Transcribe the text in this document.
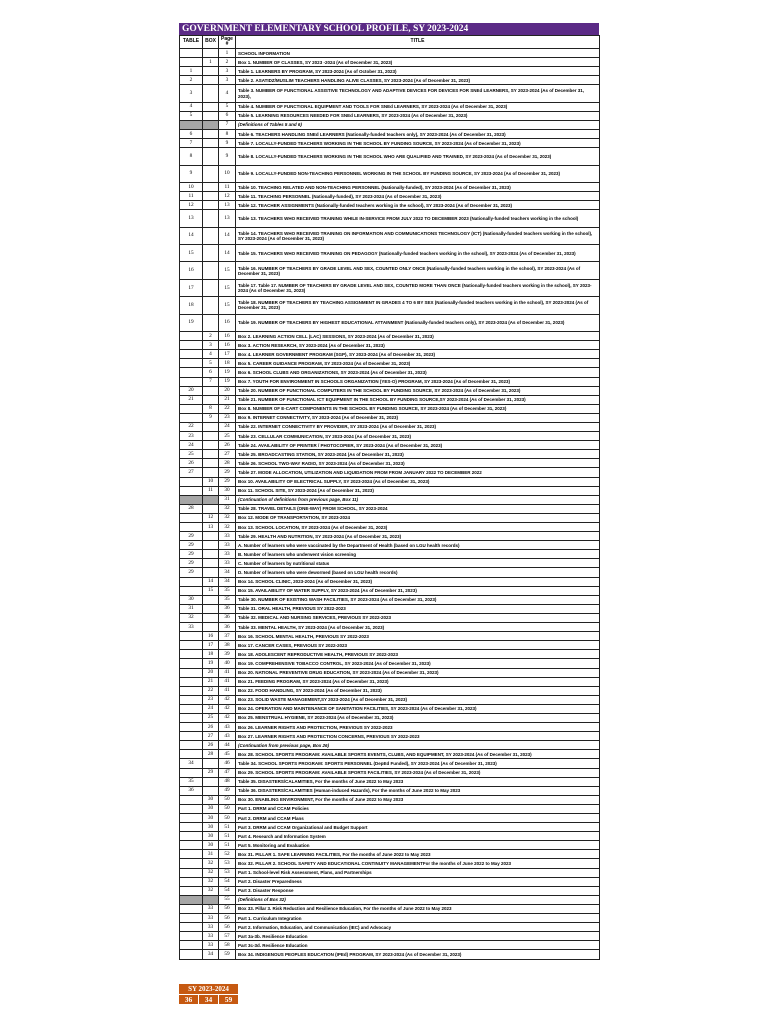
GOVERNMENT ELEMENTARY SCHOOL PROFILE, SY 2023-2024
TABLE	BOX	Page #	TITLE
		1	SCHOOL INFORMATION
	1	2	Box 1. NUMBER OF CLASSES, SY 2023 -2024 (As of December 31, 2023)
1		3	Table 1. LEARNERS BY PROGRAM, SY 2023-2024 (As of October 31, 2023)
2		3	Table 2. ASATIDZ/MUSLIM TEACHERS HANDLING ALIVE CLASSES, SY 2023-2024 (As of December 31, 2023)
3		4	Table 3. NUMBER OF FUNCTIONAL ASSISTIVE TECHNOLOGY AND ADAPTIVE DEVICES FOR DEVICES FOR SNEd LEARNERS, SY 2023-2024 (As of December 31, 2023),
4		5	Table 4. NUMBER OF FUNCTIONAL EQUIPMENT AND TOOLS FOR SNEd LEARNERS, SY 2023-2024 (As of December 31, 2023)
5		6	Table 5. LEARNING RESOURCES NEEDED FOR SNEd LEARNERS, SY 2023-2024 (As of December 31, 2023)
		7	(Definitions of Tables 5 and 6)
6		8	Table 6. TEACHERS HANDLING SNEd LEARNERS (Nationally-funded teachers only), SY 2023-2024 (As of December 31, 2023)
7		9	Table 7. LOCALLY-FUNDED TEACHERS WORKING IN THE SCHOOL BY FUNDING SOURCE, SY 2023-2024 (As of December 31, 2023)
8		9	Table 8. LOCALLY-FUNDED TEACHERS WORKING IN THE SCHOOL WHO ARE QUALIFIED AND TRAINED, SY 2023-2024 (As of December 31, 2023)
9		10	Table 9. LOCALLY-FUNDED NON-TEACHING PERSONNEL WORKING IN THE SCHOOL BY FUNDING SOURCE, SY 2023-2024 (As of December 31, 2023)
10		11	Table 10. TEACHING RELATED AND NON-TEACHING PERSONNEL (Nationally-funded), SY 2023-2024 (As of December 31, 2023)
11		12	Table 11. TEACHING PERSONNEL (Nationally-funded), SY 2023-2024 (As of December 31, 2023)
12		13	Table 12. TEACHER ASSIGNMENTS (Nationally-funded teachers working in the school), SY 2023-2024 (As of December 31, 2023)
13		13	Table 13. TEACHERS WHO RECEIVED TRAINING WHILE IN-SERVICE FROM JULY 2022 TO DECEMBER 2023 (Nationally-funded teachers working in the school)
14		14	Table 14. TEACHERS WHO RECEIVED TRAINING ON INFORMATION AND COMMUNICATIONS TECHNOLOGY (ICT) (Nationally-funded teachers working in the school), SY 2023-2024 (As of December 31, 2023)
15		14	Table 15. TEACHERS WHO RECEIVED TRAINING ON PEDAGOGY (Nationally-funded teachers working in the school), SY 2023-2024 (As of December 31, 2023)
16		15	Table 16. NUMBER OF TEACHERS BY GRADE LEVEL AND SEX, COUNTED ONLY ONCE (Nationally-funded teachers working in the school), SY 2023-2024 (As of December 31, 2023)
17		15	Table 17. Table 17. NUMBER OF TEACHERS BY GRADE LEVEL AND SEX, COUNTED MORE THAN ONCE (Nationally-funded teachers working in the school), SY 2023-2024 (As of December 31, 2023)
18		15	Table 18. NUMBER OF TEACHERS BY TEACHING ASSIGNMENT IN GRADES 4 TO 6 BY SEX (Nationally-funded teachers working in the school), SY 2023-2024 (As of December 31, 2023)
19		16	Table 19. NUMBER OF TEACHERS BY HIGHEST EDUCATIONAL ATTAINMENT (Nationally-funded teachers only), SY 2023-2024 (As of December 31, 2023)
	2	16	Box 2. LEARNING ACTION CELL (LAC) SESSIONS, SY 2023-2024 (As of December 31, 2023)
	3	16	Box 3. ACTION RESEARCH, SY 2023-2024 (As of December 31, 2023)
	4	17	Box 4. LEARNER GOVERNMENT PROGRAM (SGP), SY 2023-2024 (As of December 31, 2023)
	5	18	Box 5. CAREER GUIDANCE PROGRAM, SY 2023-2024 (As of December 31, 2023)
	6	19	Box 6. SCHOOL CLUBS AND ORGANIZATIONS, SY 2023-2024 (As of December 31, 2023)
	7	19	Box 7. YOUTH FOR ENVIRONMENT IN SCHOOLS ORGANIZATION (YES-O) PROGRAM, SY 2023-2024 (As of December 31, 2023)
20		20	Table 20. NUMBER OF FUNCTIONAL COMPUTERS IN THE SCHOOL BY FUNDING SOURCE, SY 2023-2024 (As of December 31, 2023)
21		21	Table 21. NUMBER OF FUNCTIONAL ICT EQUIPMENT IN THE SCHOOL BY FUNDING SOURCE,SY 2023-2024 (As of December 31, 2023)
	8	22	Box 8. NUMBER OF E-CART COMPONENTS IN THE SCHOOL BY FUNDING SOURCE, SY 2023-2024 (As of December 31, 2023)
	9	23	Box 9. INTERNET CONNECTIVITY, SY 2023-2024 (As of December 31, 2023)
22		24	Table 22. INTERNET CONNECTIVITY BY PROVIDER, SY 2023-2024 (As of December 31, 2023)
23		25	Table 23. CELLULAR COMMUNICATION, SY 2023-2024 (As of December 31, 2023)
24		26	Table 24. AVAILABILITY OF PRINTER / PHOTOCOPIER, SY 2023-2024 (As of December 31, 2023)
25		27	Table 25. BROADCASTING STATION, SY 2023-2024 (As of December 31, 2023)
26		28	Table 26. SCHOOL TWO-WAY RADIO, SY 2023-2024 (As of December 31, 2023)
27		29	Table 27. MODE ALLOCATION, UTILIZATION AND LIQUIDATION FROM FROM JANUARY 2022 TO DECEMBER 2022
	10	29	Box 10. AVAILABILITY OF ELECTRICAL SUPPLY, SY 2023-2024 (As of December 31, 2023)
	11	30	Box 11. SCHOOL SITE, SY 2023-2024 (As of December 31, 2023)
		31	(Continuation of definitions from previous page, Box 11)
28		32	Table 28. TRAVEL DETAILS (ONE-WAY) FROM SCHOOL, SY 2023-2024
	12	32	Box 12. MODE OF TRANSPORTATION, SY 2023-2024
	13	32	Box 13. SCHOOL LOCATION, SY 2023-2024 (As of December 31, 2023)
29		33	Table 29. HEALTH AND NUTRITION, SY 2023-2024 (As of December 31, 2023)
29		33	A. Number of learners who were vaccinated by the Department of Health (based on LGU health records)
29		33	B. Number of learners who underwent vision screening
29		33	C. Number of learners by nutritional status
29		34	D. Number of learners who were dewormed (based on LGU health records)
	14	34	Box 14. SCHOOL CLINIC, 2023-2024 (As of December 31, 2023)
	15	35	Box 15. AVAILABILITY OF WATER SUPPLY, SY 2023-2024 (As of December 31, 2023)
30		35	Table 30. NUMBER OF EXISTING WASH FACILITIES, SY 2023-2024 (As of December 31, 2023)
31		36	Table 31. ORAL HEALTH, PREVIOUS SY 2022-2023
32		36	Table 32. MEDICAL AND NURSING SERVICES, PREVIOUS SY 2022-2023
33		36	Table 33. MENTAL HEALTH, SY 2023-2024 (As of December 31, 2023)
	16	37	Box 16. SCHOOL MENTAL HEALTH, PREVIOUS SY 2022-2023
	17	38	Box 17. CANCER CASES, PREVIOUS SY 2022-2023
	18	39	Box 18. ADOLESCENT REPRODUCTIVE HEALTH, PREVIOUS SY 2022-2023
	19	40	Box 19. COMPREHENSIVE TOBACCO CONTROL, SY 2023-2024 (As of December 31, 2023)
	20	41	Box 20. NATIONAL PREVENTIVE DRUG EDUCATION, SY 2023-2024 (As of December 31, 2023)
	21	41	Box 21. FEEDING PROGRAM, SY 2023-2024 (As of December 31, 2023)
	22	41	Box 22. FOOD HANDLING, SY 2023-2024 (As of December 31, 2023)
	23	42	Box 23. SOLID WASTE MANAGEMENT,SY 2023-2024 (As of December 31, 2023)
	24	42	Box 24. OPERATION AND MAINTENANCE OF SANITATION FACILITIES, SY 2023-2024 (As of December 31, 2023)
	25	42	Box 25. MENSTRUAL HYGIENE, SY 2023-2024 (As of December 31, 2023)
	26	43	Box 26. LEARNER RIGHTS AND PROTECTION, PREVIOUS SY 2022-2023
	27	43	Box 27. LEARNER RIGHTS AND PROTECTION CONCERNS, PREVIOUS SY 2022-2023
	26	44	(Continuation from previous page, Box 26)
	28	45	Box 28. SCHOOL SPORTS PROGRAM: AVAILABLE SPORTS EVENTS, CLUBS, AND EQUIPMENT, SY 2023-2024 (As of December 31, 2023)
34		46	Table 34. SCHOOL SPORTS PROGRAM: SPORTS PERSONNEL (DepEd Funded), SY 2023-2024 (As of December 31, 2023)
	29	47	Box 29. SCHOOL SPORTS PROGRAM: AVAILABLE SPORTS FACILITIES, SY 2023-2024 (As of December 31, 2023)
35		48	Table 35. DISASTERS/CALAMITIES, For the months of June 2022 to May 2023
36		49	Table 36. DISASTERS/CALAMITIES (Human-induced Hazards), For the months of June 2022 to May 2023
	30	50	Box 30. ENABLING ENVIRONMENT, For the months of June 2022 to May 2023
	30	50	Part 1. DRRM and CCAM Policies
	30	50	Part 2. DRRM and CCAM Plans
	30	51	Part 3. DRRM and CCAM Organizational and Budget Support
	30	51	Part 4. Research and Information System
	30	51	Part 5. Monitoring and Evaluation
	31	52	Box 31. PILLAR 1. SAFE LEARNING FACILITIES, For the months of June 2022 to May 2023
	32	53	Box 32. PILLAR 2. SCHOOL SAFETY AND EDUCATIONAL CONTINUITY MANAGEMENTFor the months of June 2022 to May 2023
	32	53	Part 1. School-level Risk Assessment, Plans, and Partnerships
	32	54	Part 2. Disaster Preparedness
	32	54	Part 3. Disaster Response
		55	(Definitions of Box 32)
	33	56	Box 33. Pillar 3. Risk Reduction and Resilience Education, For the months of June 2022 to May 2023
	33	56	Part 1. Curriculum Integration
	33	56	Part 2. Information, Education, and Communication (IEC) and Advocacy
	33	57	Part 3a-3b. Resilience Education
	33	58	Part 3c-3d. Resilience Education
	34	59	Box 34. INDIGENOUS PEOPLES EDUCATION (IPEd) PROGRAM, SY 2023-2024 (As of December 31, 2023)
SY 2023-2024
36	34	59
